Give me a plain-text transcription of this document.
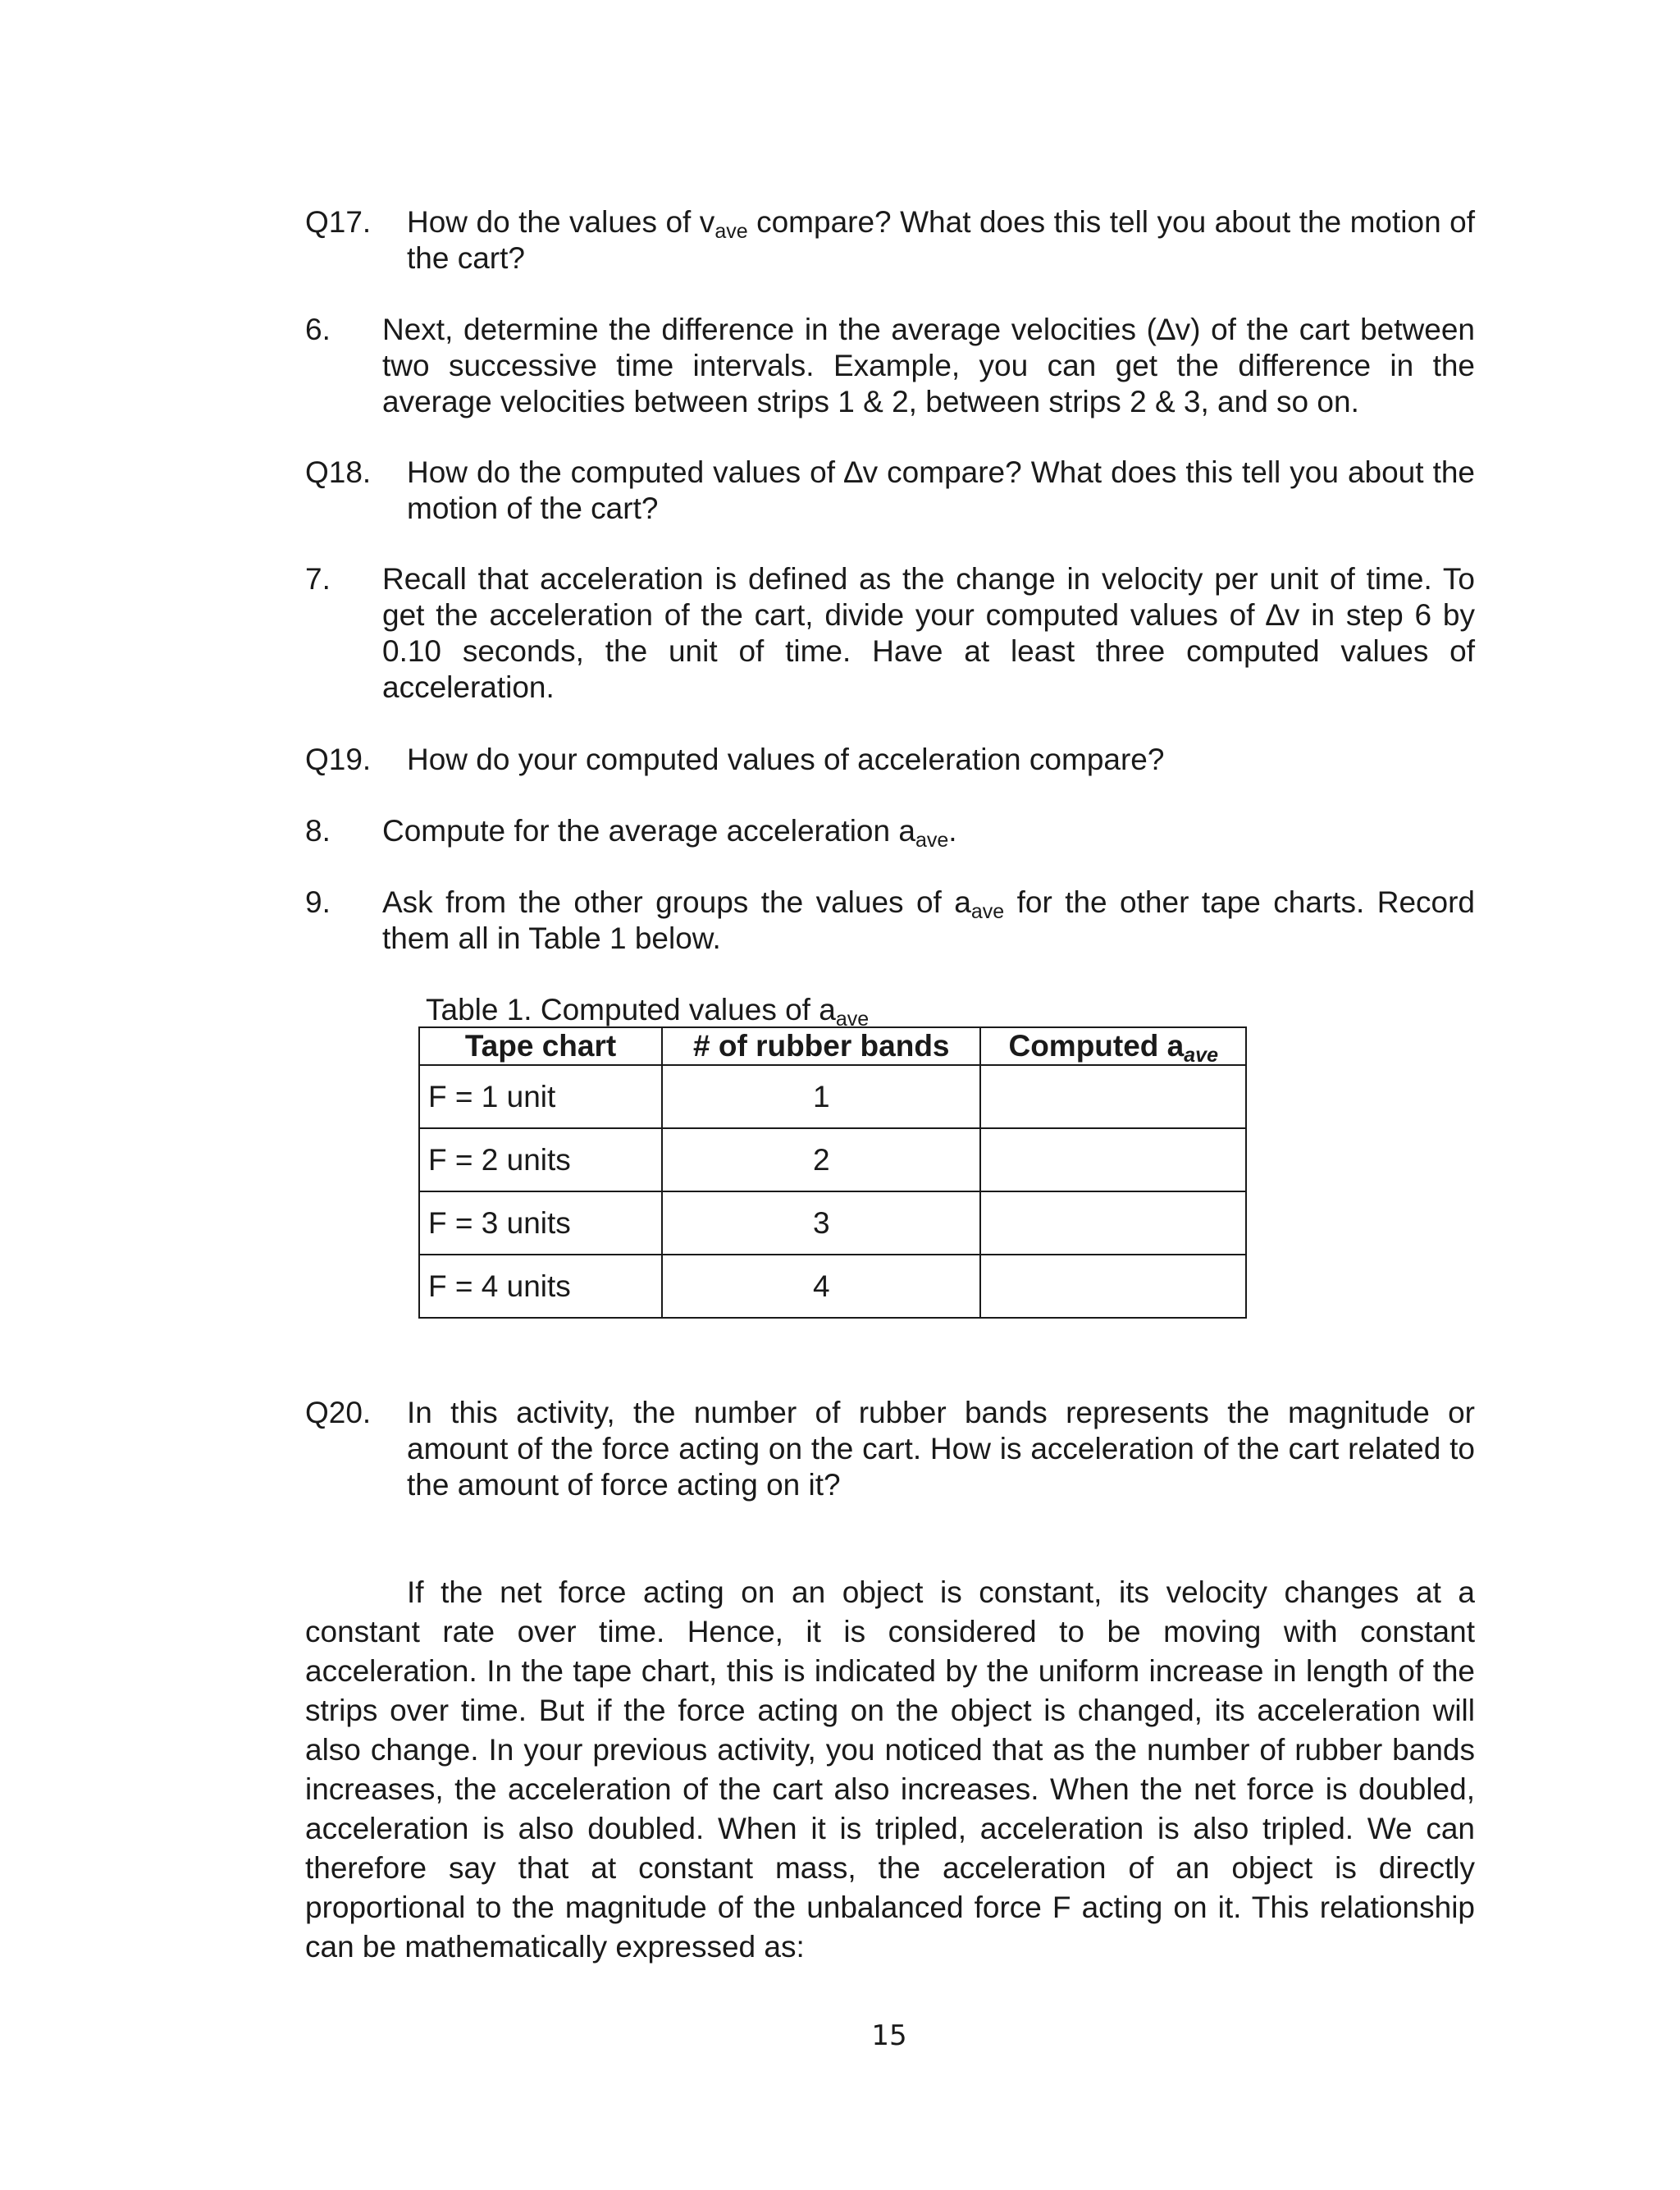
Q17. How do the values of $v_{ave}$ compare? What does this tell you about the motion of the cart?
6. Next, determine the difference in the average velocities (∆v) of the cart between two successive time intervals. Example, you can get the difference in the average velocities between strips 1 & 2, between strips 2 & 3, and so on.
Q18. How do the computed values of ∆v compare? What does this tell you about the motion of the cart?
7. Recall that acceleration is defined as the change in velocity per unit of time. To get the acceleration of the cart, divide your computed values of ∆v in step 6 by 0.10 seconds, the unit of time. Have at least three computed values of acceleration.
Q19. How do your computed values of acceleration compare?
8. Compute for the average acceleration $a_{ave}$.
9. Ask from the other groups the values of $a_{ave}$ for the other tape charts. Record them all in Table 1 below.
Table 1. Computed values of $a_{ave}$
Tape chart	# of rubber bands	Computed aave
F = 1 unit	1	
F = 2 units	2	
F = 3 units	3	
F = 4 units	4	
Q20. In this activity, the number of rubber bands represents the magnitude or amount of the force acting on the cart. How is acceleration of the cart related to the amount of force acting on it?
If the net force acting on an object is constant, its velocity changes at a constant rate over time. Hence, it is considered to be moving with constant acceleration. In the tape chart, this is indicated by the uniform increase in length of the strips over time. But if the force acting on the object is changed, its acceleration will also change. In your previous activity, you noticed that as the number of rubber bands increases, the acceleration of the cart also increases. When the net force is doubled, acceleration is also doubled. When it is tripled, acceleration is also tripled. We can therefore say that at constant mass, the acceleration of an object is directly proportional to the magnitude of the unbalanced force F acting on it. This relationship can be mathematically expressed as:
15
